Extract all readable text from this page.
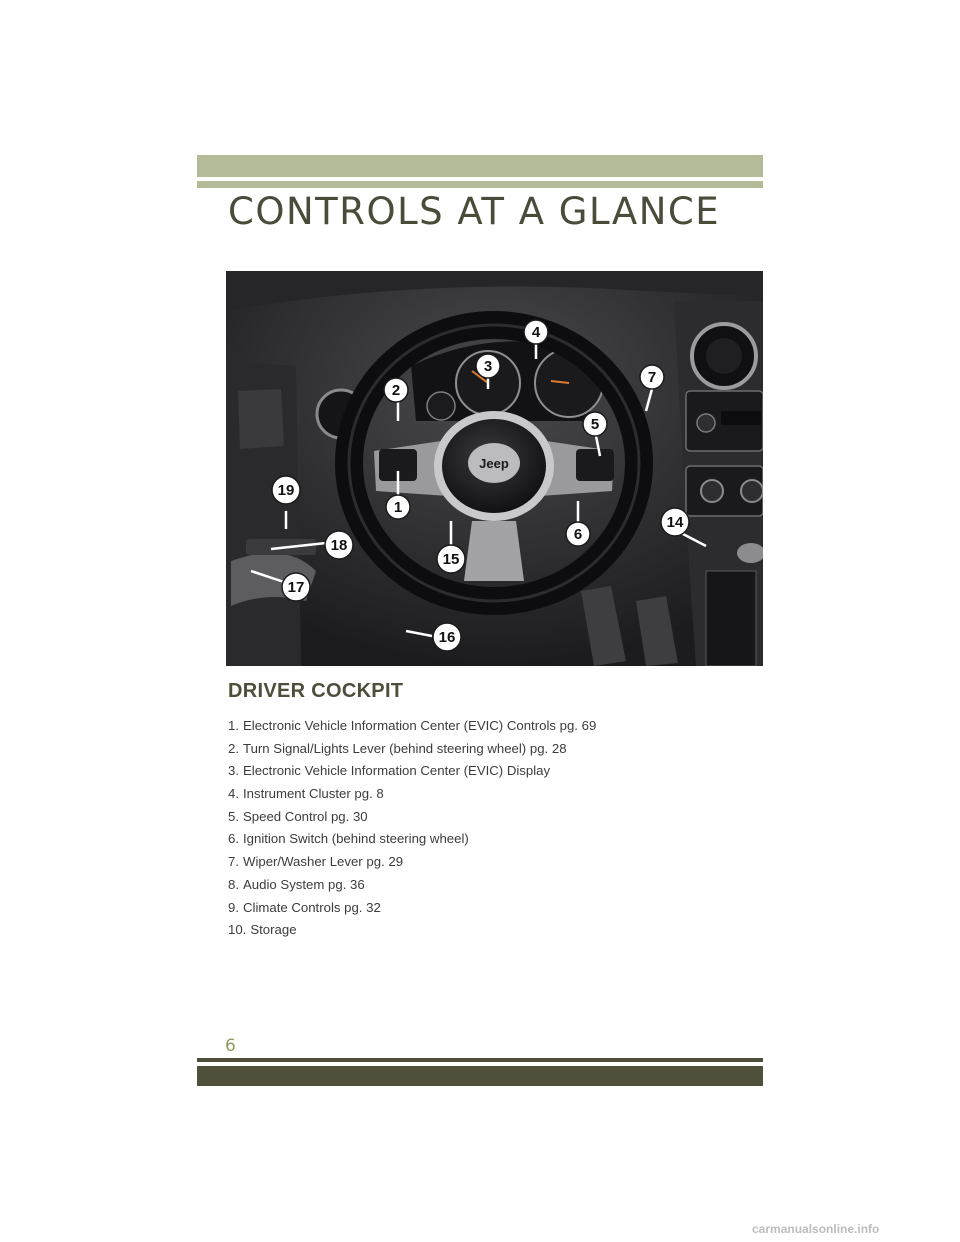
CONTROLS AT A GLANCE
Jeep
1
2
3
4
5
6
7
14
15
16
17
18
19
DRIVER COCKPIT
1. Electronic Vehicle Information Center (EVIC) Controls pg. 69
2. Turn Signal/Lights Lever (behind steering wheel) pg. 28
3. Electronic Vehicle Information Center (EVIC) Display
4. Instrument Cluster pg. 8
5. Speed Control pg. 30
6. Ignition Switch (behind steering wheel)
7. Wiper/Washer Lever pg. 29
8. Audio System pg. 36
9. Climate Controls pg. 32
10. Storage
6
carmanualsonline.info
